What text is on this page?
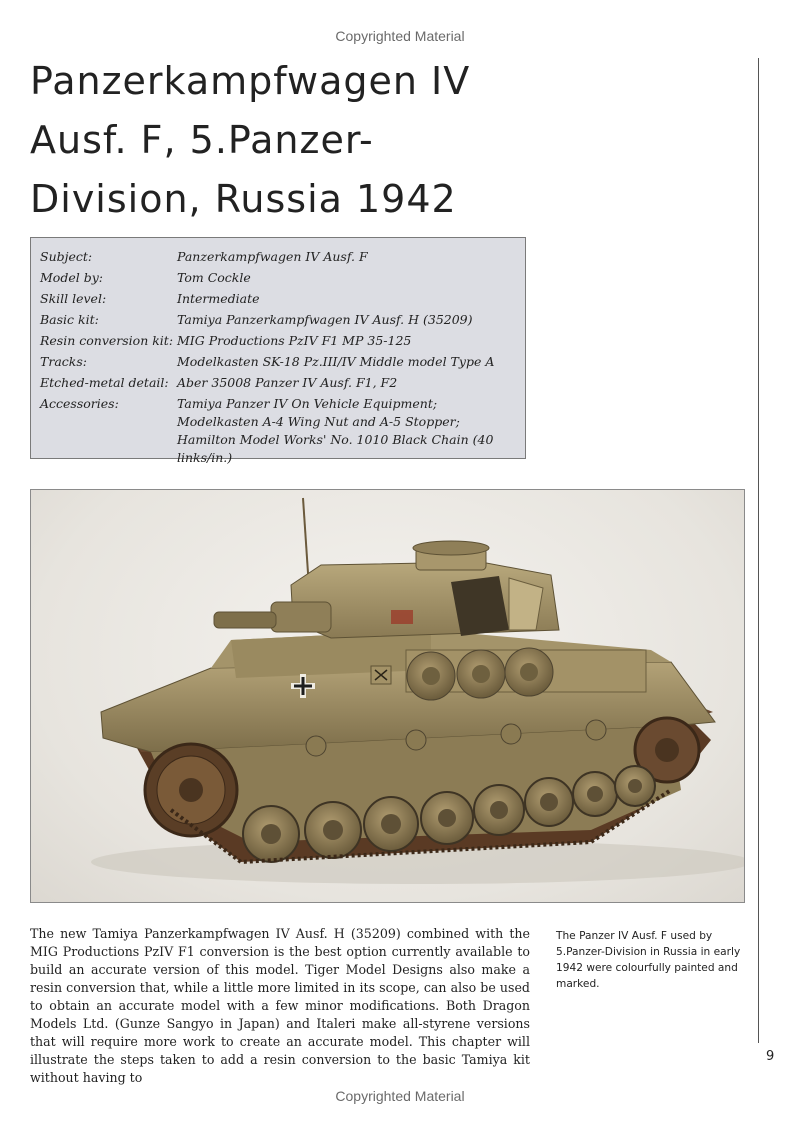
Copyrighted Material
Panzerkampfwagen IV
Ausf. F, 5.Panzer-
Division, Russia 1942
Subject:	Panzerkampfwagen IV Ausf. F
Model by:	Tom Cockle
Skill level:	Intermediate
Basic kit:	Tamiya Panzerkampfwagen IV Ausf. H (35209)
Resin conversion kit: MIG Productions PzIV F1 MP 35-125
Tracks:	Modelkasten SK-18 Pz.III/IV Middle model Type A
Etched-metal detail: Aber 35008 Panzer IV Ausf. F1, F2
Accessories:	Tamiya Panzer IV On Vehicle Equipment; Modelkasten A-4 Wing Nut and A-5 Stopper; Hamilton Model Works' No. 1010 Black Chain (40 links/in.)

The new Tamiya Panzerkampfwagen IV Ausf. H (35209) combined with the MIG Productions PzIV F1 conversion is the best option currently available to build an accurate version of this model. Tiger Model Designs also make a resin conversion that, while a little more limited in its scope, can also be used to obtain an accurate model with a few minor modifications. Both Dragon Models Ltd. (Gunze Sangyo in Japan) and Italeri make all-styrene versions that will require more work to create an accurate model. This chapter will illustrate the steps taken to add a resin conversion to the basic Tamiya kit without having to

The Panzer IV Ausf. F used by 5.Panzer-Division in Russia in early 1942 were colourfully painted and marked.

9
Copyrighted Material
